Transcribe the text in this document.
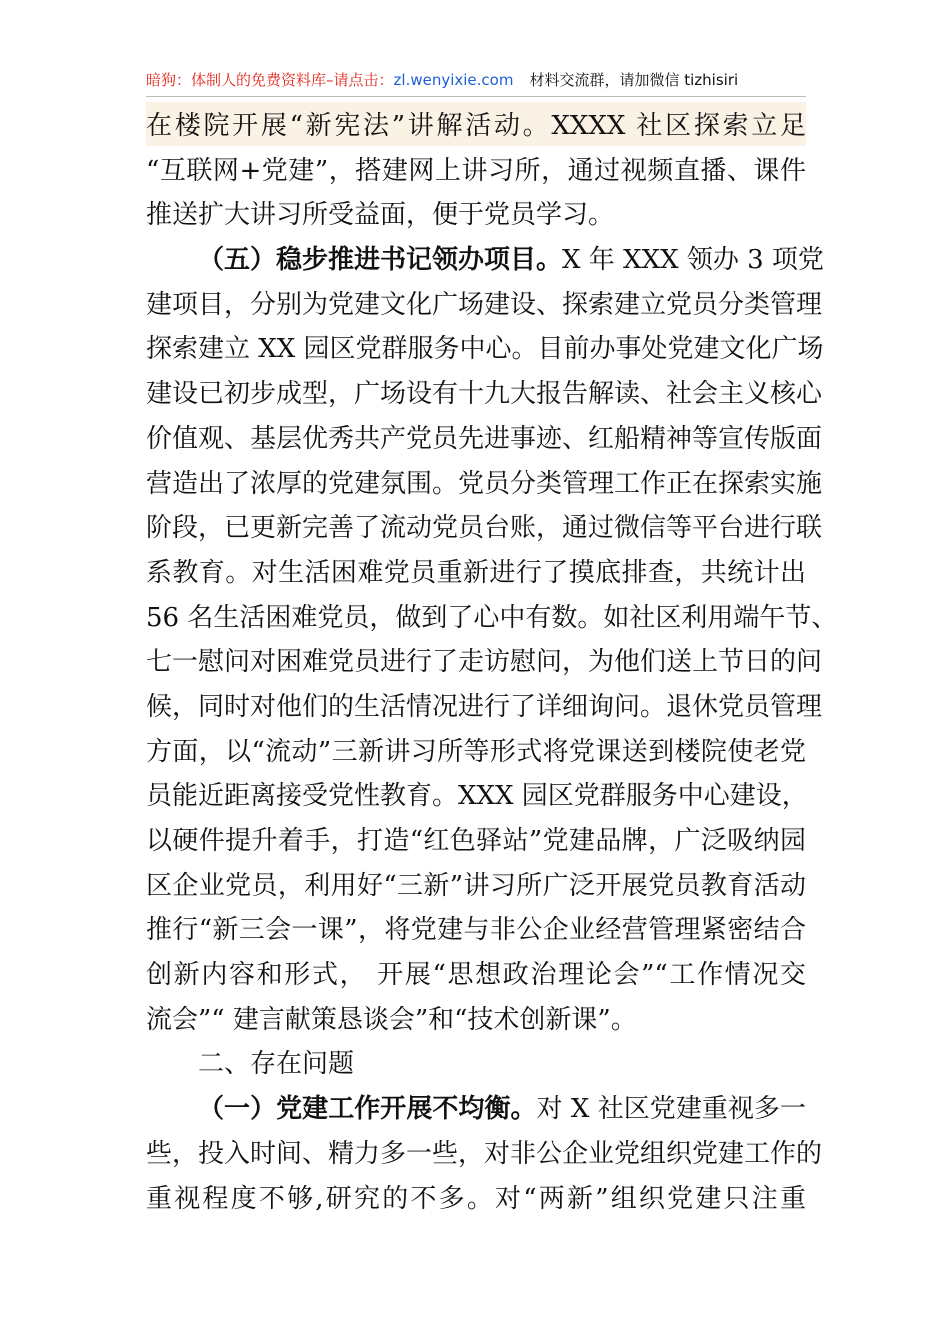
暗狗：体制人的免费资料库–请点击：zl.wenyixie.com 材料交流群，请加微信 tizhisiri
在楼院开展“新宪法”讲解活动。XXXX 社区探索立足
“互联网+党建”，搭建网上讲习所，通过视频直播、课件
推送扩大讲习所受益面，便于党员学习。
（五）稳步推进书记领办项目。X 年 XXX 领办 3 项党
建项目，分别为党建文化广场建设、探索建立党员分类管理
探索建立 XX 园区党群服务中心。目前办事处党建文化广场
建设已初步成型，广场设有十九大报告解读、社会主义核心
价值观、基层优秀共产党员先进事迹、红船精神等宣传版面
营造出了浓厚的党建氛围。党员分类管理工作正在探索实施
阶段，已更新完善了流动党员台账，通过微信等平台进行联
系教育。对生活困难党员重新进行了摸底排查，共统计出
56 名生活困难党员，做到了心中有数。如社区利用端午节、
七一慰问对困难党员进行了走访慰问，为他们送上节日的问
候，同时对他们的生活情况进行了详细询问。退休党员管理
方面，以“流动”三新讲习所等形式将党课送到楼院使老党
员能近距离接受党性教育。XXX 园区党群服务中心建设，
以硬件提升着手，打造“红色驿站”党建品牌，广泛吸纳园
区企业党员，利用好“三新”讲习所广泛开展党员教育活动
推行“新三会一课”，将党建与非公企业经营管理紧密结合
创新内容和形式， 开展“思想政治理论会”“工作情况交
流会”“ 建言献策恳谈会”和“技术创新课”。
二、存在问题
（一）党建工作开展不均衡。对 X 社区党建重视多一
些，投入时间、精力多一些，对非公企业党组织党建工作的
重视程度不够,研究的不多。对“两新”组织党建只注重
